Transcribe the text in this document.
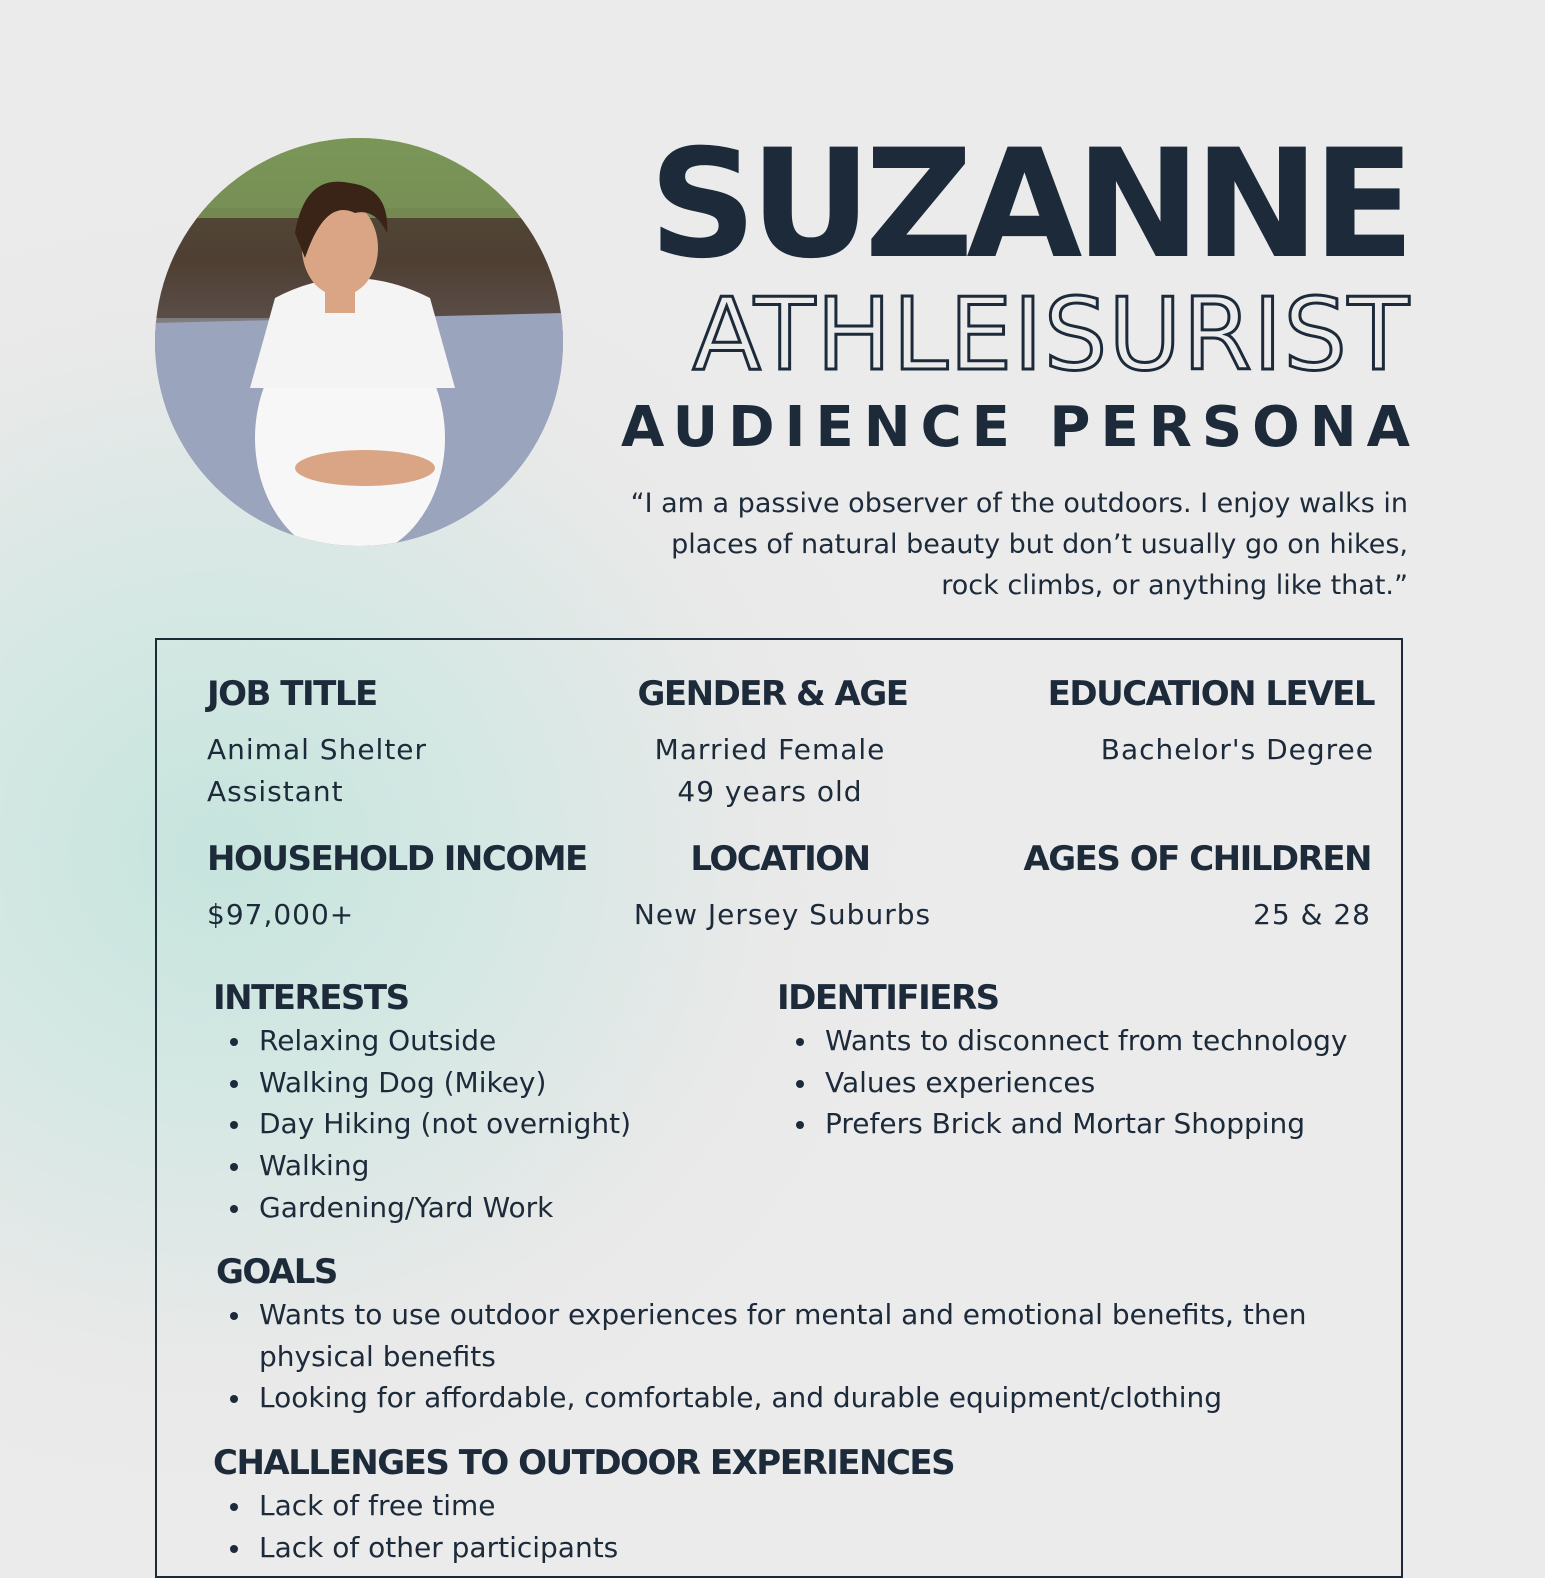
SUZANNE
ATHLEISURIST
AUDIENCE PERSONA
“I am a passive observer of the outdoors. I enjoy walks in places of natural beauty but don’t usually go on hikes, rock climbs, or anything like that.”
JOB TITLE
Animal Shelter
Assistant
GENDER & AGE
Married Female
49 years old
EDUCATION LEVEL
Bachelor's Degree
HOUSEHOLD INCOME
$97,000+
LOCATION
New Jersey Suburbs
AGES OF CHILDREN
25 & 28
INTERESTS
Relaxing Outside
Walking Dog (Mikey)
Day Hiking (not overnight)
Walking
Gardening/Yard Work
IDENTIFIERS
Wants to disconnect from technology
Values experiences
Prefers Brick and Mortar Shopping
GOALS
Wants to use outdoor experiences for mental and emotional benefits, then physical benefits
Looking for affordable, comfortable, and durable equipment/clothing
CHALLENGES TO OUTDOOR EXPERIENCES
Lack of free time
Lack of other participants
